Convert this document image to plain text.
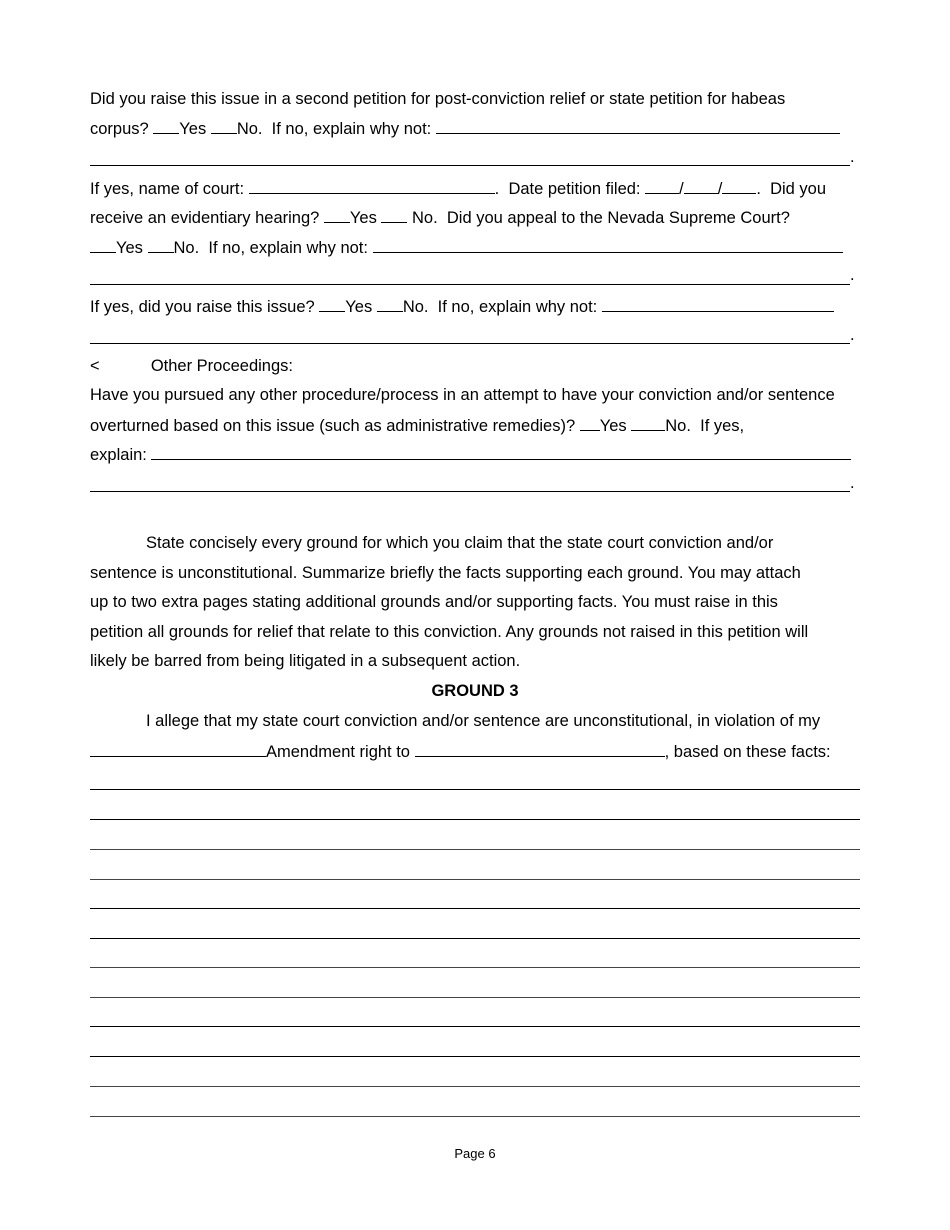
Did you raise this issue in a second petition for post-conviction relief or state petition for habeas
corpus? Yes No. If no, explain why not:
.
If yes, name of court:	. Date petition filed: / / . Did you
receive an evidentiary hearing? Yes No. Did you appeal to the Nevada Supreme Court?
Yes No. If no, explain why not:
.
If yes, did you raise this issue? Yes No. If no, explain why not:
.
<	Other Proceedings:
Have you pursued any other procedure/process in an attempt to have your conviction and/or sentence
overturned based on this issue (such as administrative remedies)? Yes No. If yes,
explain:
.
State concisely every ground for which you claim that the state court conviction and/or
sentence is unconstitutional. Summarize briefly the facts supporting each ground. You may attach
up to two extra pages stating additional grounds and/or supporting facts. You must raise in this
petition all grounds for relief that relate to this conviction. Any grounds not raised in this petition will
likely be barred from being litigated in a subsequent action.
GROUND 3
I allege that my state court conviction and/or sentence are unconstitutional, in violation of my
Amendment right to	, based on these facts:
Page 6
